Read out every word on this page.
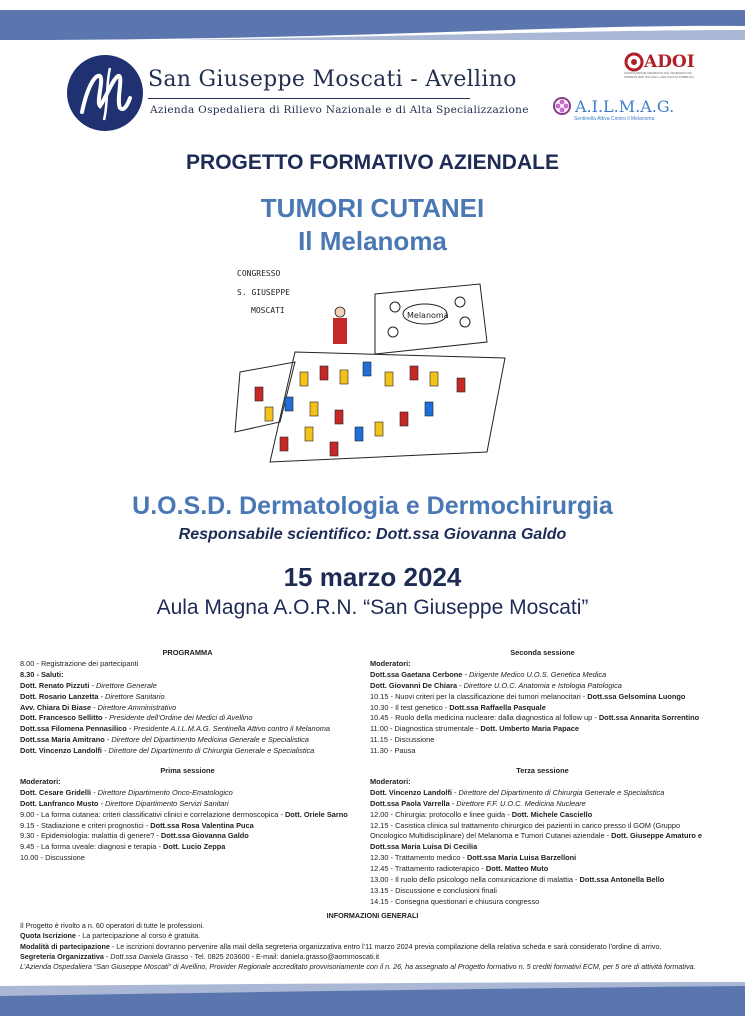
San Giuseppe Moscati - Avellino
Azienda Ospedaliera di Rilievo Nazionale e di Alta Specializzazione
ADOI
ASSOCIAZIONE DERMATOLOGI-VENEREOLOGI OSPEDALIERI ITALIANI e della SANITÀ PUBBLICA
A.I.L.M.A.G.
Sentinella Attiva Contro il Melanoma
PROGETTO FORMATIVO AZIENDALE
TUMORI CUTANEI
Il Melanoma
CONGRESSO
S. GIUSEPPE
MOSCATI
Melanoma
U.O.S.D. Dermatologia e Dermochirurgia
Responsabile scientifico: Dott.ssa Giovanna Galdo
15 marzo 2024
Aula Magna A.O.R.N. “San Giuseppe Moscati”
PROGRAMMA
8.00 - Registrazione dei partecipanti
8.30 - Saluti:
Dott. Renato Pizzuti - Direttore Generale
Dott. Rosario Lanzetta - Direttore Sanitario
Avv. Chiara Di Biase - Direttore Amministrativo
Dott. Francesco Sellitto - Presidente dell’Ordine dei Medici di Avellino
Dott.ssa Filomena Pennasilico - Presidente A.I.L.M.A.G. Sentinella Attivo contro il Melanoma
Dott.ssa Maria Amitrano - Direttore del Dipartimento Medicina Generale e Specialistica
Dott. Vincenzo Landolfi - Direttore del Dipartimento di Chirurgia Generale e Specialistica
Prima sessione
Moderatori:
Dott. Cesare Gridelli - Direttore Dipartimento Onco-Ematologico
Dott. Lanfranco Musto - Direttore Dipartimento Servizi Sanitari
9.00 - La forma cutanea: criteri classificativi clinici e correlazione dermoscopica - Dott. Oriele Sarno
9.15 - Stadiazione e criteri prognostici - Dott.ssa Rosa Valentina Puca
9.30 - Epidemiologia: malattia di genere? - Dott.ssa Giovanna Galdo
9.45 - La forma uveale: diagnosi e terapia - Dott. Lucio Zeppa
10.00 - Discussione
Seconda sessione
Moderatori:
Dott.ssa Gaetana Cerbone - Dirigente Medico U.O.S. Genetica Medica
Dott. Giovanni De Chiara - Direttore U.O.C. Anatomia e Istologia Patologica
10.15 - Nuovi criteri per la classificazione dei tumori melanocitari - Dott.ssa Gelsomina Luongo
10.30 - Il test genetico - Dott.ssa Raffaella Pasquale
10.45 - Ruolo della medicina nucleare: dalla diagnostica al follow up - Dott.ssa Annarita Sorrentino
11.00 - Diagnostica strumentale - Dott. Umberto Maria Papace
11.15 - Discussione
11.30 - Pausa
Terza sessione
Moderatori:
Dott. Vincenzo Landolfi - Direttore del Dipartimento di Chirurgia Generale e Specialistica
Dott.ssa Paola Varrella - Direttore F.F. U.O.C. Medicina Nucleare
12.00 - Chirurgia: protocollo e linee guida - Dott. Michele Casciello
12.15 - Casistica clinica sul trattamento chirurgico dei pazienti in carico presso il GOM (Gruppo Oncologico Multidisciplinare) del Melanoma e Tumori Cutanei aziendale - Dott. Giuseppe Amaturo e Dott.ssa Maria Luisa Di Cecilia
12.30 - Trattamento medico - Dott.ssa Maria Luisa Barzelloni
12.45 - Trattamento radioterapico - Dott. Matteo Muto
13.00 - Il ruolo dello psicologo nella comunicazione di malattia - Dott.ssa Antonella Bello
13.15 - Discussione e conclusioni finali
14.15 - Consegna questionari e chiusura congresso
INFORMAZIONI GENERALI
Il Progetto è rivolto a n. 60 operatori di tutte le professioni.
Quota Iscrizione - La partecipazione al corso è gratuita.
Modalità di partecipazione - Le iscrizioni dovranno pervenire alla mail della segreteria organizzativa entro l’11 marzo 2024 previa compilazione della relativa scheda e sarà considerato l’ordine di arrivo.
Segreteria Organizzativa - Dott.ssa Daniela Grasso - Tel. 0825 203600 - E-mail: daniela.grasso@aornmoscati.it
L’Azienda Ospedaliera “San Giuseppe Moscati” di Avellino, Provider Regionale accreditato provvisoriamente con il n. 26, ha assegnato al Progetto formativo n. 5 crediti formativi ECM, per 5 ore di attività formativa.
